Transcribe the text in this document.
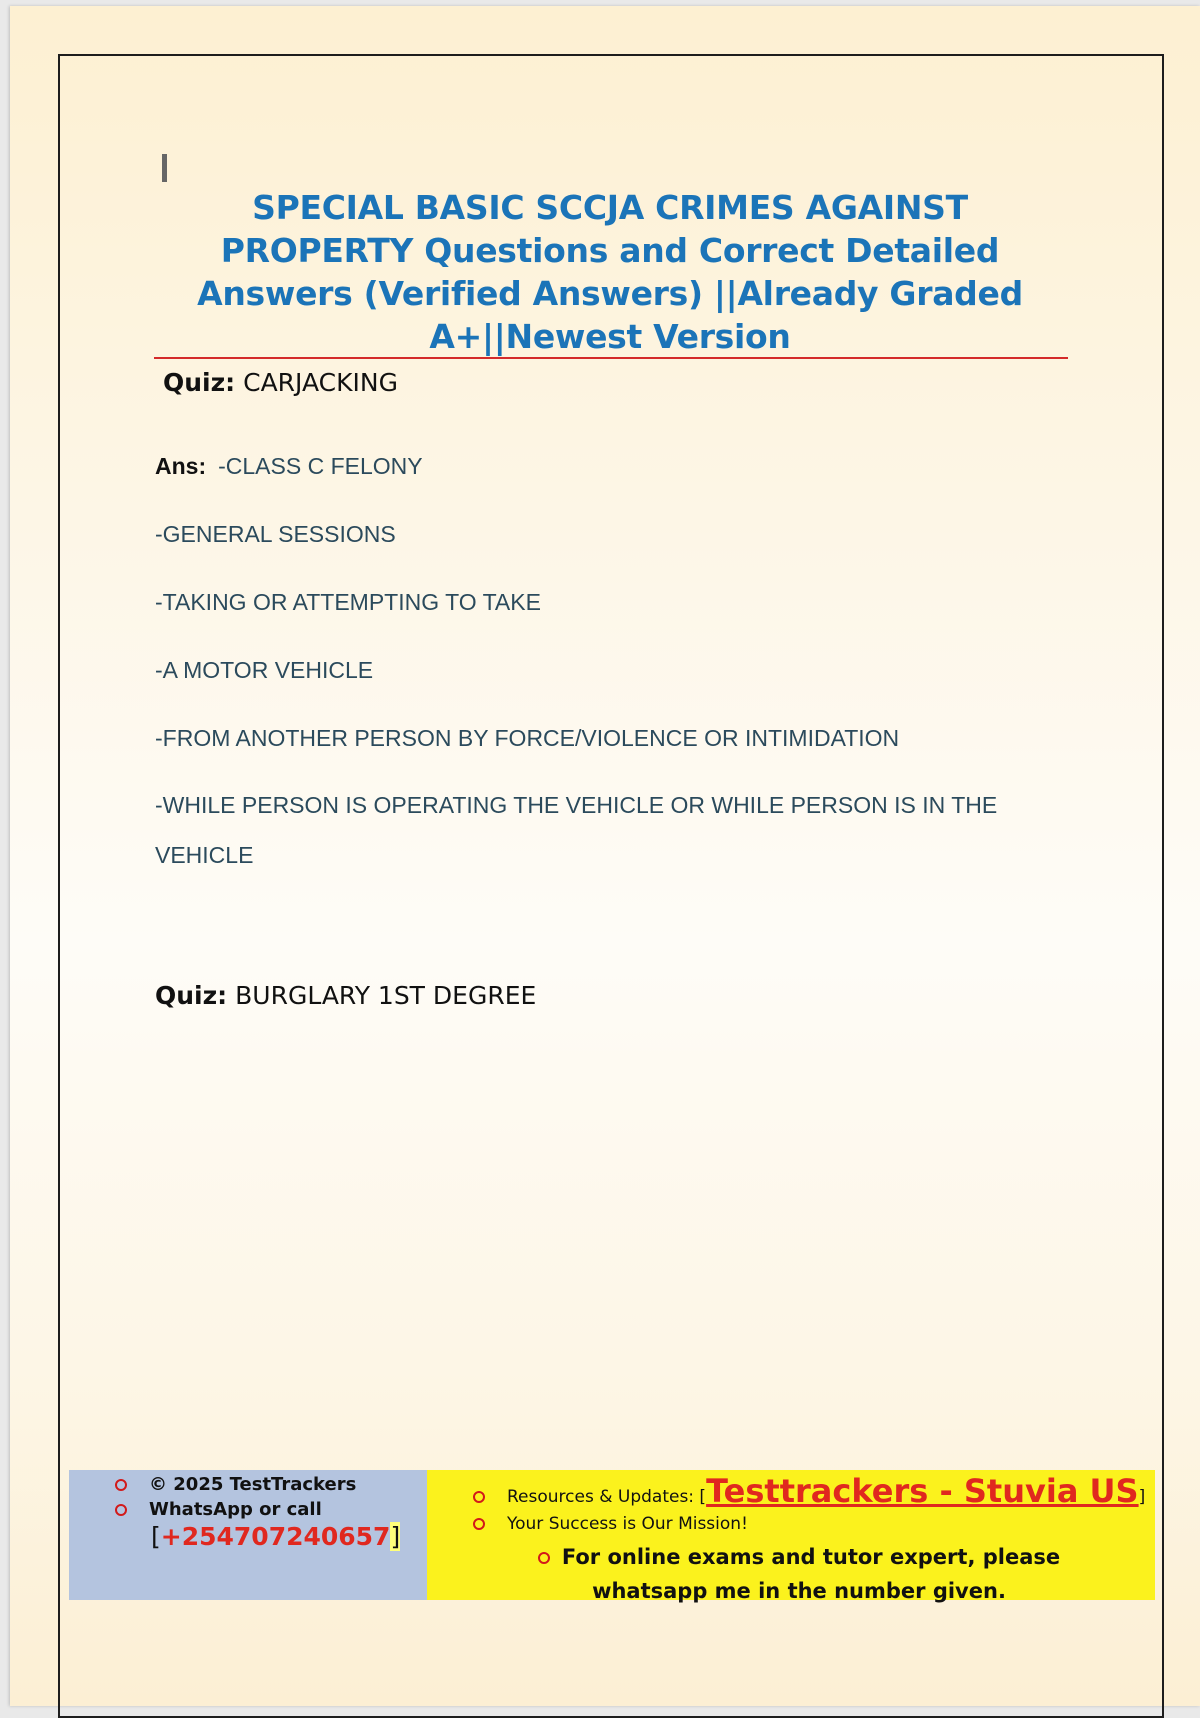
SPECIAL BASIC SCCJA CRIMES AGAINST PROPERTY Questions and Correct Detailed Answers (Verified Answers) ||Already Graded A+||Newest Version
Quiz: CARJACKING

Ans: -CLASS C FELONY

-GENERAL SESSIONS

-TAKING OR ATTEMPTING TO TAKE

-A MOTOR VEHICLE

-FROM ANOTHER PERSON BY FORCE/VIOLENCE OR INTIMIDATION

-WHILE PERSON IS OPERATING THE VEHICLE OR WHILE PERSON IS IN THE VEHICLE

Quiz: BURGLARY 1ST DEGREE
© 2025 TestTrackers
WhatsApp or call
[+254707240657]
Resources & Updates: [Testtrackers - Stuvia US]
Your Success is Our Mission!
For online exams and tutor expert, please whatsapp me in the number given.
